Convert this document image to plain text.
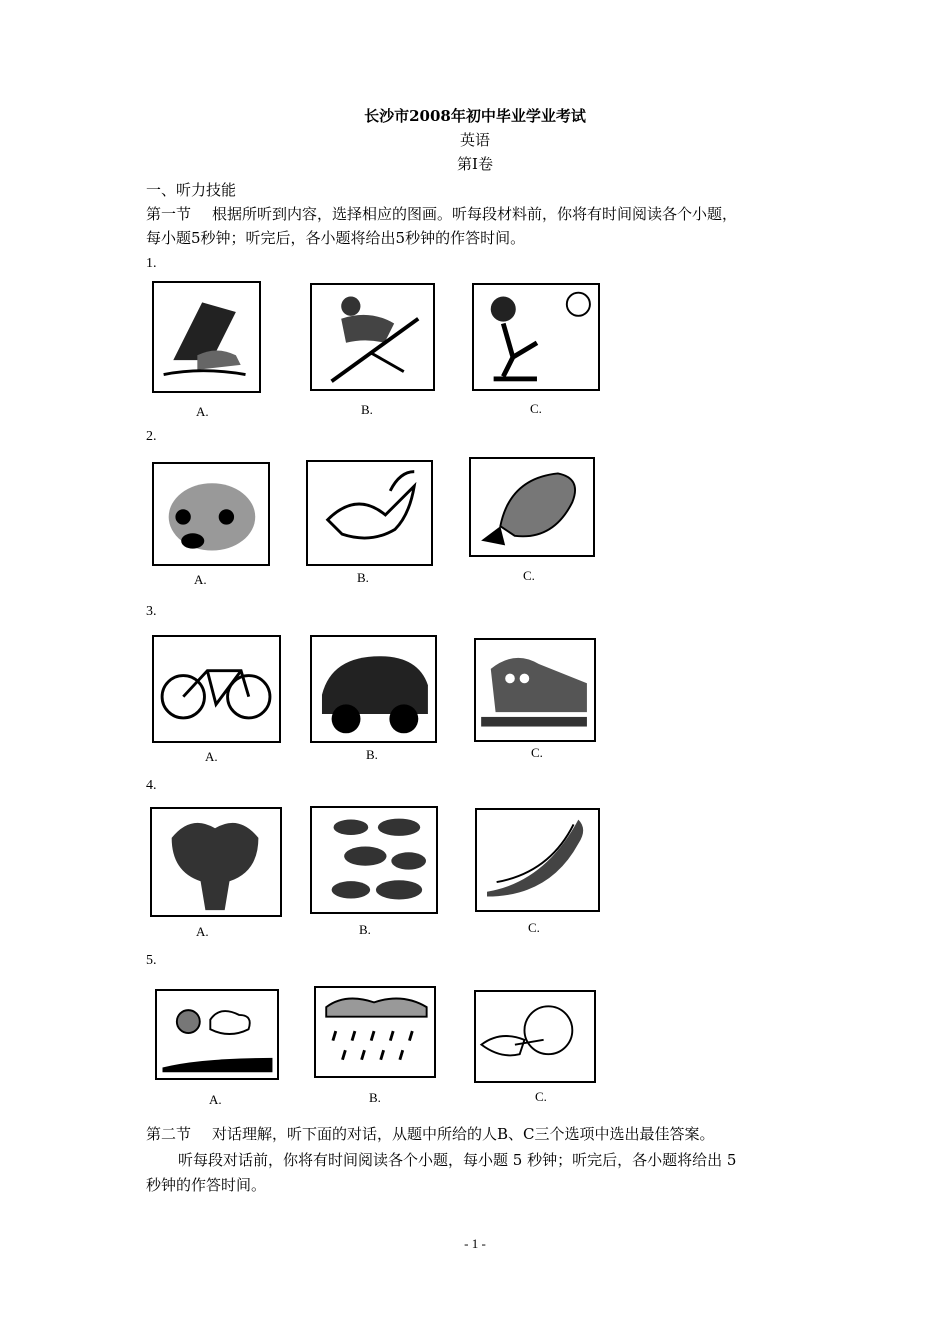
长沙市2008年初中毕业学业考试
英语
第Ⅰ卷
一、听力技能
第一节 根据所听到内容，选择相应的图画。听每段材料前，你将有时间阅读各个小题，
每小题5秒钟；听完后，各小题将给出5秒钟的作答时间。
1.
A.	B.	C.
2.
A.	B.	C.
3.
A.	B.	C.
4.
A.	B.	C.
5.
A.	B.	C.
第二节 对话理解，听下面的对话，从题中所给的人B、C三个选项中选出最佳答案。
听每段对话前，你将有时间阅读各个小题，每小题 5 秒钟；听完后，各小题将给出 5
秒钟的作答时间。
- 1 -
